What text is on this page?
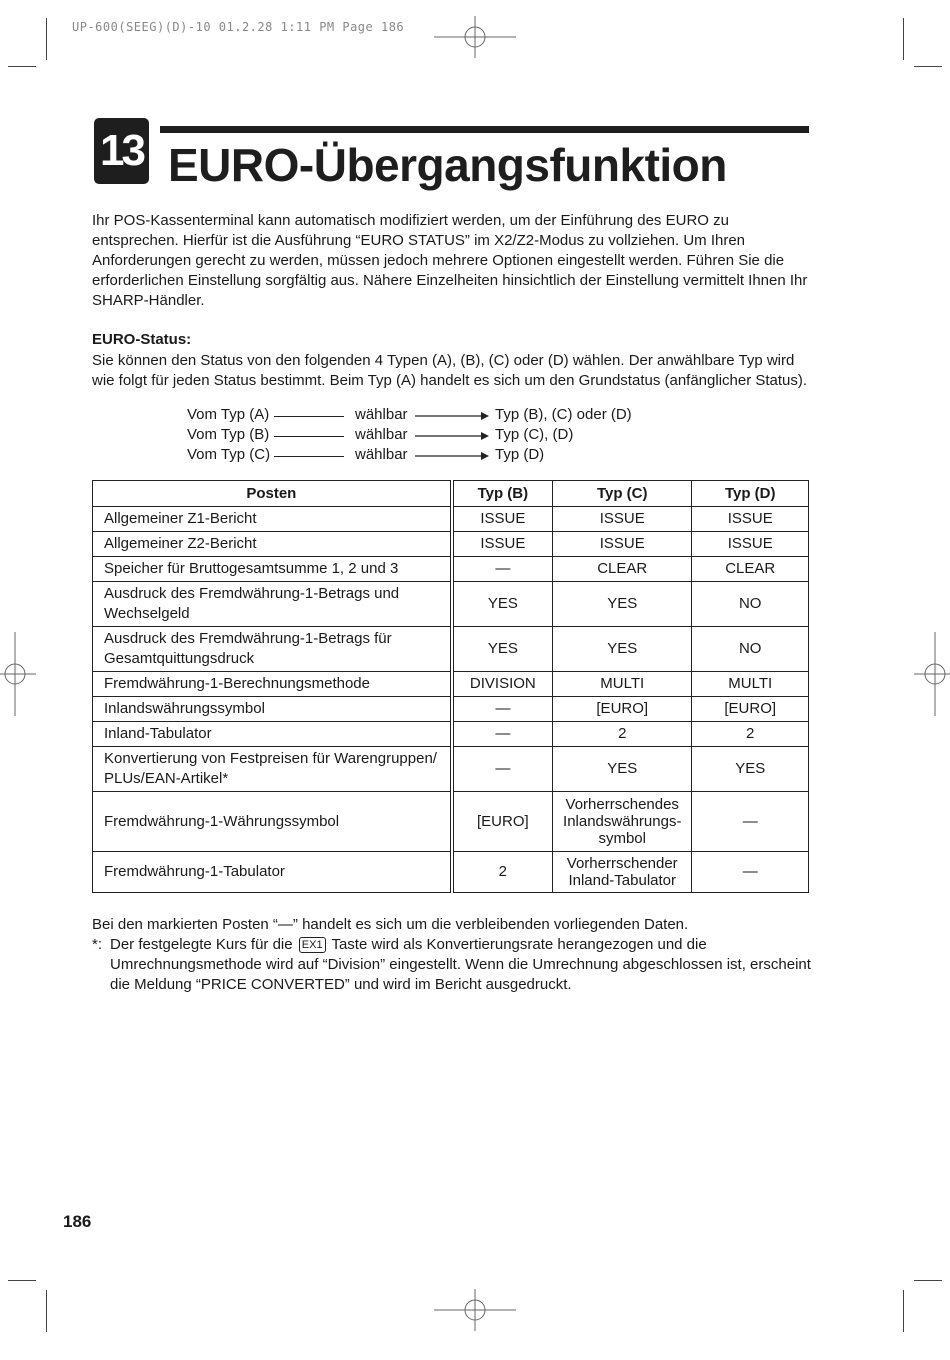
UP-600(SEEG)(D)-10 01.2.28 1:11 PM Page 186
13 EURO-Übergangsfunktion
Ihr POS-Kassenterminal kann automatisch modifiziert werden, um der Einführung des EURO zu entsprechen. Hierfür ist die Ausführung “EURO STATUS” im X2/Z2-Modus zu vollziehen. Um Ihren Anforderungen gerecht zu werden, müssen jedoch mehrere Optionen eingestellt werden. Führen Sie die erforderlichen Einstellung sorgfältig aus. Nähere Einzelheiten hinsichtlich der Einstellung vermittelt Ihnen Ihr SHARP-Händler.
EURO-Status:
Sie können den Status von den folgenden 4 Typen (A), (B), (C) oder (D) wählen. Der anwählbare Typ wird wie folgt für jeden Status bestimmt. Beim Typ (A) handelt es sich um den Grundstatus (anfänglicher Status).
Vom Typ (A)	wählbar	Typ (B), (C) oder (D)
Vom Typ (B)	wählbar	Typ (C), (D)
Vom Typ (C)	wählbar	Typ (D)
Posten	Typ (B)	Typ (C)	Typ (D)
Allgemeiner Z1-Bericht	ISSUE	ISSUE	ISSUE
Allgemeiner Z2-Bericht	ISSUE	ISSUE	ISSUE
Speicher für Bruttogesamtsumme 1, 2 und 3	—	CLEAR	CLEAR
Ausdruck des Fremdwährung-1-Betrags und Wechselgeld	YES	YES	NO
Ausdruck des Fremdwährung-1-Betrags für Gesamtquittungsdruck	YES	YES	NO
Fremdwährung-1-Berechnungsmethode	DIVISION	MULTI	MULTI
Inlandswährungssymbol	—	[EURO]	[EURO]
Inland-Tabulator	—	2	2
Konvertierung von Festpreisen für Warengruppen/ PLUs/EAN-Artikel*	—	YES	YES
Fremdwährung-1-Währungssymbol	[EURO]	Vorherrschendes Inlandswährungs- symbol	—
Fremdwährung-1-Tabulator	2	Vorherrschender Inland-Tabulator	—
Bei den markierten Posten “—” handelt es sich um die verbleibenden vorliegenden Daten.
*: Der festgelegte Kurs für die EX1 Taste wird als Konvertierungsrate herangezogen und die Umrechnungsmethode wird auf “Division” eingestellt. Wenn die Umrechnung abgeschlossen ist, erscheint die Meldung “PRICE CONVERTED” und wird im Bericht ausgedruckt.
186
